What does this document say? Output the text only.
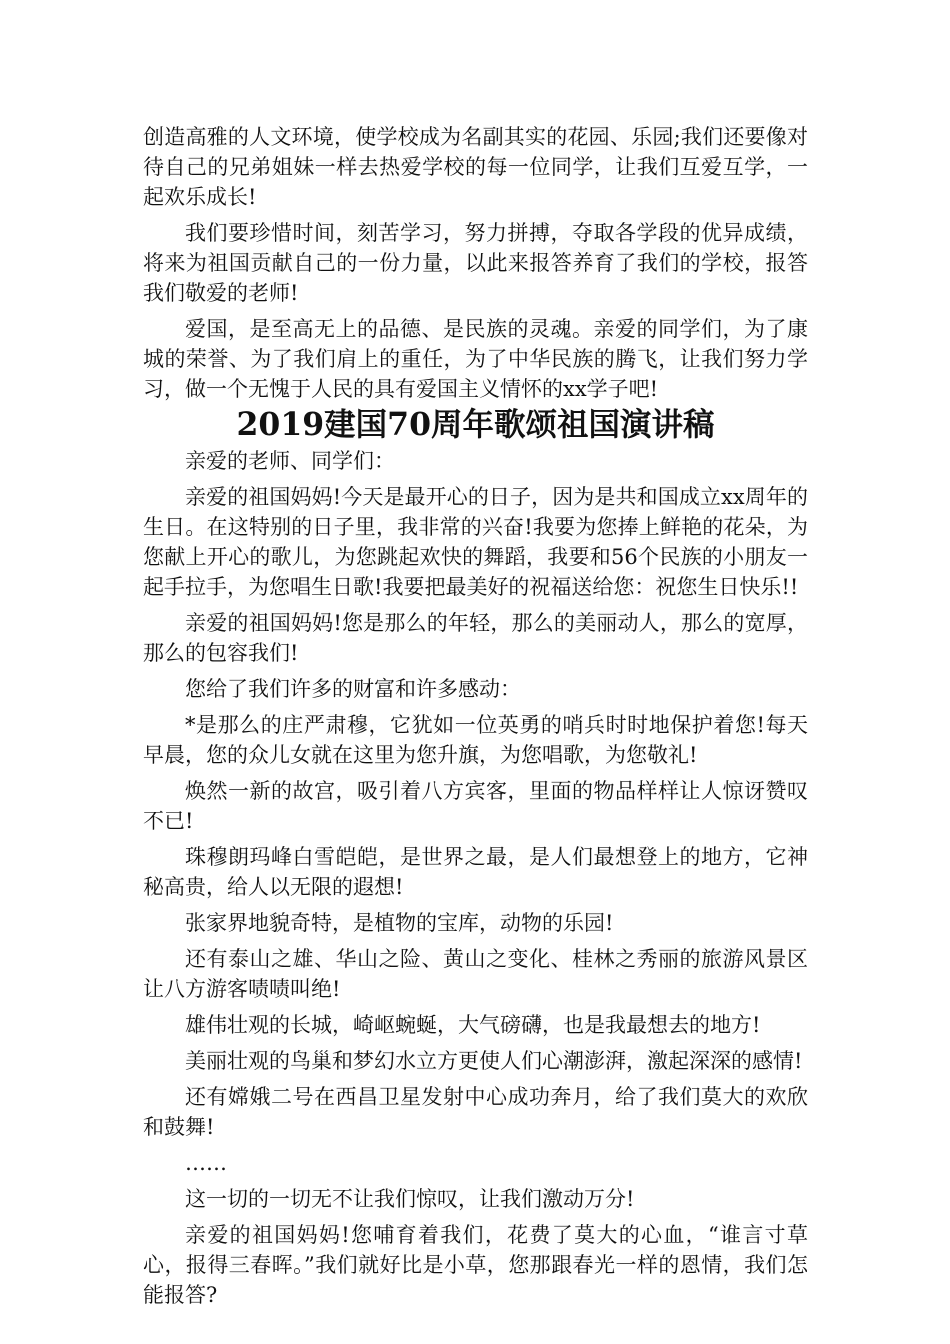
创造高雅的人文环境，使学校成为名副其实的花园、乐园;我们还要像对待自己的兄弟姐妹一样去热爱学校的每一位同学，让我们互爱互学，一起欢乐成长!

我们要珍惜时间，刻苦学习，努力拼搏，夺取各学段的优异成绩，将来为祖国贡献自己的一份力量，以此来报答养育了我们的学校，报答我们敬爱的老师!

爱国，是至高无上的品德、是民族的灵魂。亲爱的同学们，为了康城的荣誉、为了我们肩上的重任，为了中华民族的腾飞，让我们努力学习，做一个无愧于人民的具有爱国主义情怀的xx学子吧!

2019建国70周年歌颂祖国演讲稿

亲爱的老师、同学们：

亲爱的祖国妈妈!今天是最开心的日子，因为是共和国成立xx周年的生日。在这特别的日子里，我非常的兴奋!我要为您捧上鲜艳的花朵，为您献上开心的歌儿，为您跳起欢快的舞蹈，我要和56个民族的小朋友一起手拉手，为您唱生日歌!我要把最美好的祝福送给您：祝您生日快乐!!

亲爱的祖国妈妈!您是那么的年轻，那么的美丽动人，那么的宽厚，那么的包容我们!

您给了我们许多的财富和许多感动：

*是那么的庄严肃穆，它犹如一位英勇的哨兵时时地保护着您!每天早晨，您的众儿女就在这里为您升旗，为您唱歌，为您敬礼!

焕然一新的故宫，吸引着八方宾客，里面的物品样样让人惊讶赞叹不已!

珠穆朗玛峰白雪皑皑，是世界之最，是人们最想登上的地方，它神秘高贵，给人以无限的遐想!

张家界地貌奇特，是植物的宝库，动物的乐园!

还有泰山之雄、华山之险、黄山之变化、桂林之秀丽的旅游风景区让八方游客啧啧叫绝!

雄伟壮观的长城，崎岖蜿蜒，大气磅礴，也是我最想去的地方!

美丽壮观的鸟巢和梦幻水立方更使人们心潮澎湃，激起深深的感情!

还有嫦娥二号在西昌卫星发射中心成功奔月，给了我们莫大的欢欣和鼓舞!

……

这一切的一切无不让我们惊叹，让我们激动万分!

亲爱的祖国妈妈!您哺育着我们，花费了莫大的心血，“谁言寸草心，报得三春晖。”我们就好比是小草，您那跟春光一样的恩情，我们怎能报答?
